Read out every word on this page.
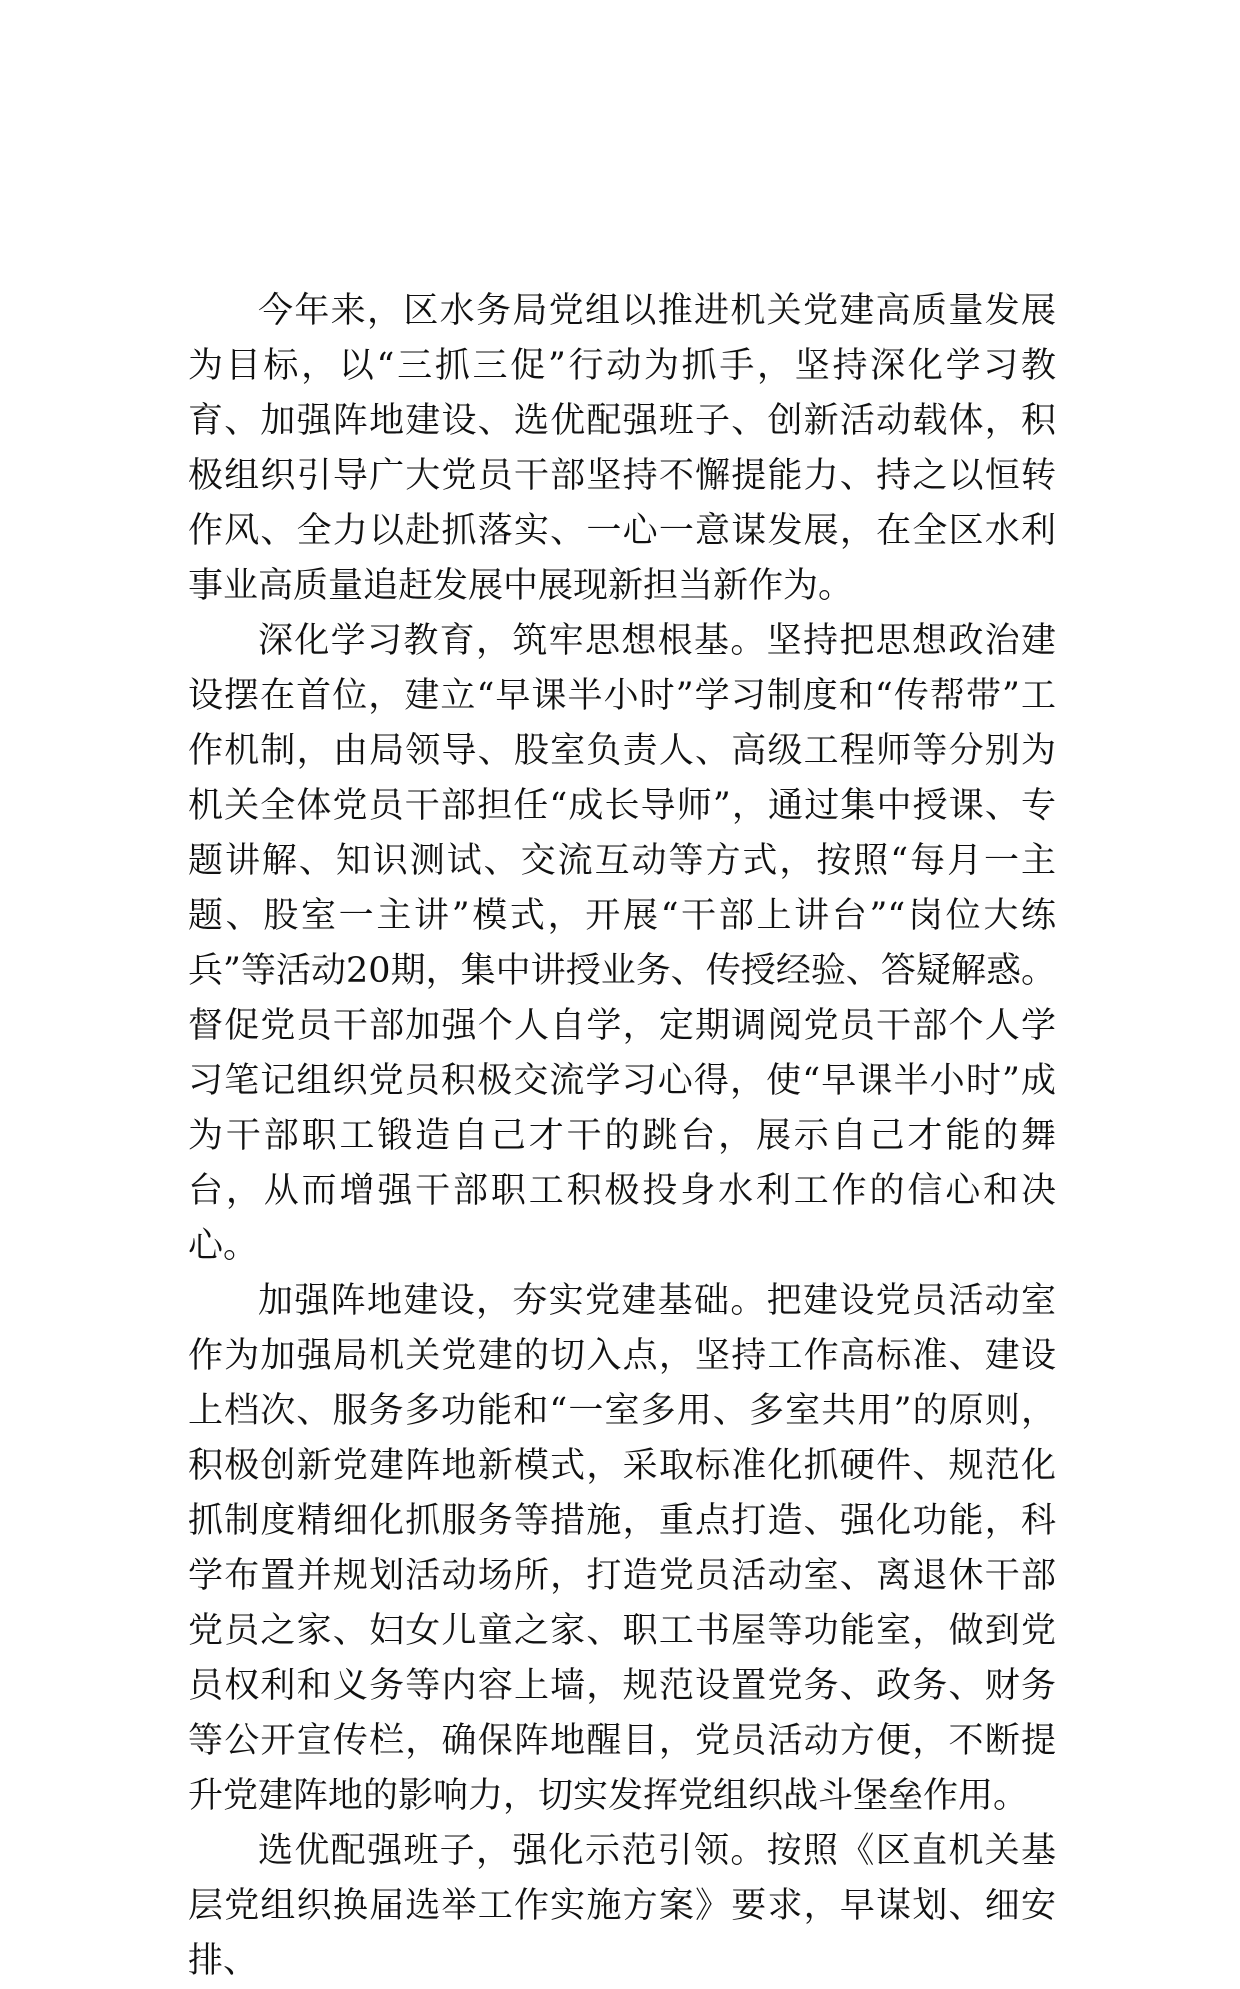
今年来，区水务局党组以推进机关党建高质量发展为目标，以“三抓三促”行动为抓手，坚持深化学习教育、加强阵地建设、选优配强班子、创新活动载体，积极组织引导广大党员干部坚持不懈提能力、持之以恒转作风、全力以赴抓落实、一心一意谋发展，在全区水利事业高质量追赶发展中展现新担当新作为。

深化学习教育，筑牢思想根基。坚持把思想政治建设摆在首位，建立“早课半小时”学习制度和“传帮带”工作机制，由局领导、股室负责人、高级工程师等分别为机关全体党员干部担任“成长导师”，通过集中授课、专题讲解、知识测试、交流互动等方式，按照“每月一主题、股室一主讲”模式，开展“干部上讲台”“岗位大练兵”等活动20期，集中讲授业务、传授经验、答疑解惑。督促党员干部加强个人自学，定期调阅党员干部个人学习笔记组织党员积极交流学习心得，使“早课半小时”成为干部职工锻造自己才干的跳台，展示自己才能的舞台，从而增强干部职工积极投身水利工作的信心和决心。

加强阵地建设，夯实党建基础。把建设党员活动室作为加强局机关党建的切入点，坚持工作高标准、建设上档次、服务多功能和“一室多用、多室共用”的原则，积极创新党建阵地新模式，采取标准化抓硬件、规范化抓制度精细化抓服务等措施，重点打造、强化功能，科学布置并规划活动场所，打造党员活动室、离退休干部党员之家、妇女儿童之家、职工书屋等功能室，做到党员权利和义务等内容上墙，规范设置党务、政务、财务等公开宣传栏，确保阵地醒目，党员活动方便，不断提升党建阵地的影响力，切实发挥党组织战斗堡垒作用。

选优配强班子，强化示范引领。按照《区直机关基层党组织换届选举工作实施方案》要求，早谋划、细安排、
